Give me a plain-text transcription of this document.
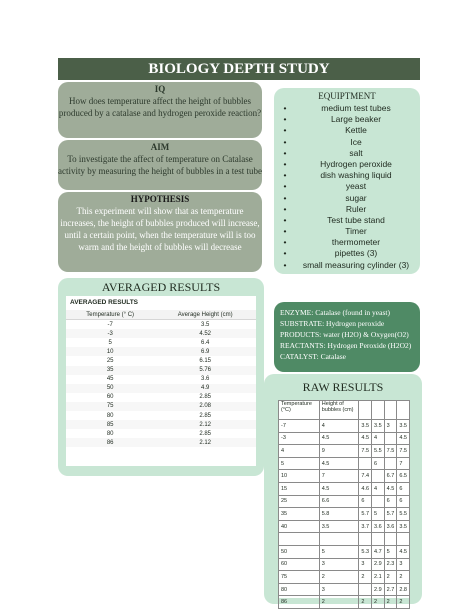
BIOLOGY DEPTH STUDY
IQ
How does temperature affect the height of bubbles produced by a catalase and hydrogen peroxide reaction?
AIM
To investigate the affect of temperature on Catalase activity by measuring the height of bubbles in a test tube
HYPOTHESIS
This experiment will show that as temperature increases, the height of bubbles produced will increase, until a certain point, when the temperature will is too warm and the height of bubbles will decrease
EQUIPTMENT
•	medium test tubes
•	Large beaker
•	Kettle
•	Ice
•	salt
•	Hydrogen peroxide
•	dish washing liquid
•	yeast
•	sugar
•	Ruler
•	Test tube stand
•	Timer
•	thermometer
•	pipettes (3)
•	small measuring cylinder (3)
AVERAGED RESULTS
AVERAGED RESULTS
Temperature (° C)	Average Height (cm)
-7	3.5
-3	4.52
5	6.4
10	6.9
25	6.15
35	5.76
45	3.6
50	4.9
60	2.85
75	2.08
80	2.85
85	2.12
80	2.85
86	2.12
ENZYME: Catalase (found in yeast)
SUBSTRATE: Hydrogen peroxide
PRODUCTS: water (H2O) & Oxygen(O2)
REACTANTS: Hydrogen Peroxide (H2O2)
CATALYST: Catalase
RAW RESULTS
Temperature (°C)	Height of bubbles (cm)				
-7	4	3.5	3.5	3	3.5
-3	4.5	4.5	4		4.5
4	9	7.5	5.5	7.5	7.5
5	4.5		6		7
10	7	7.4		6.7	6.5
15	4.5	4.6	4	4.5	6
25	6.6	6		6	6
35	5.8	5.7	5	5.7	5.5
40	3.5	3.7	3.6	3.6	3.5

50	5	5.3	4.7	5	4.5
60	3	3	2.9	2.3	3
75	2	2	2.1	2	2
80	3		2.9	2.7	2.8
86	2	2	2	2	2
